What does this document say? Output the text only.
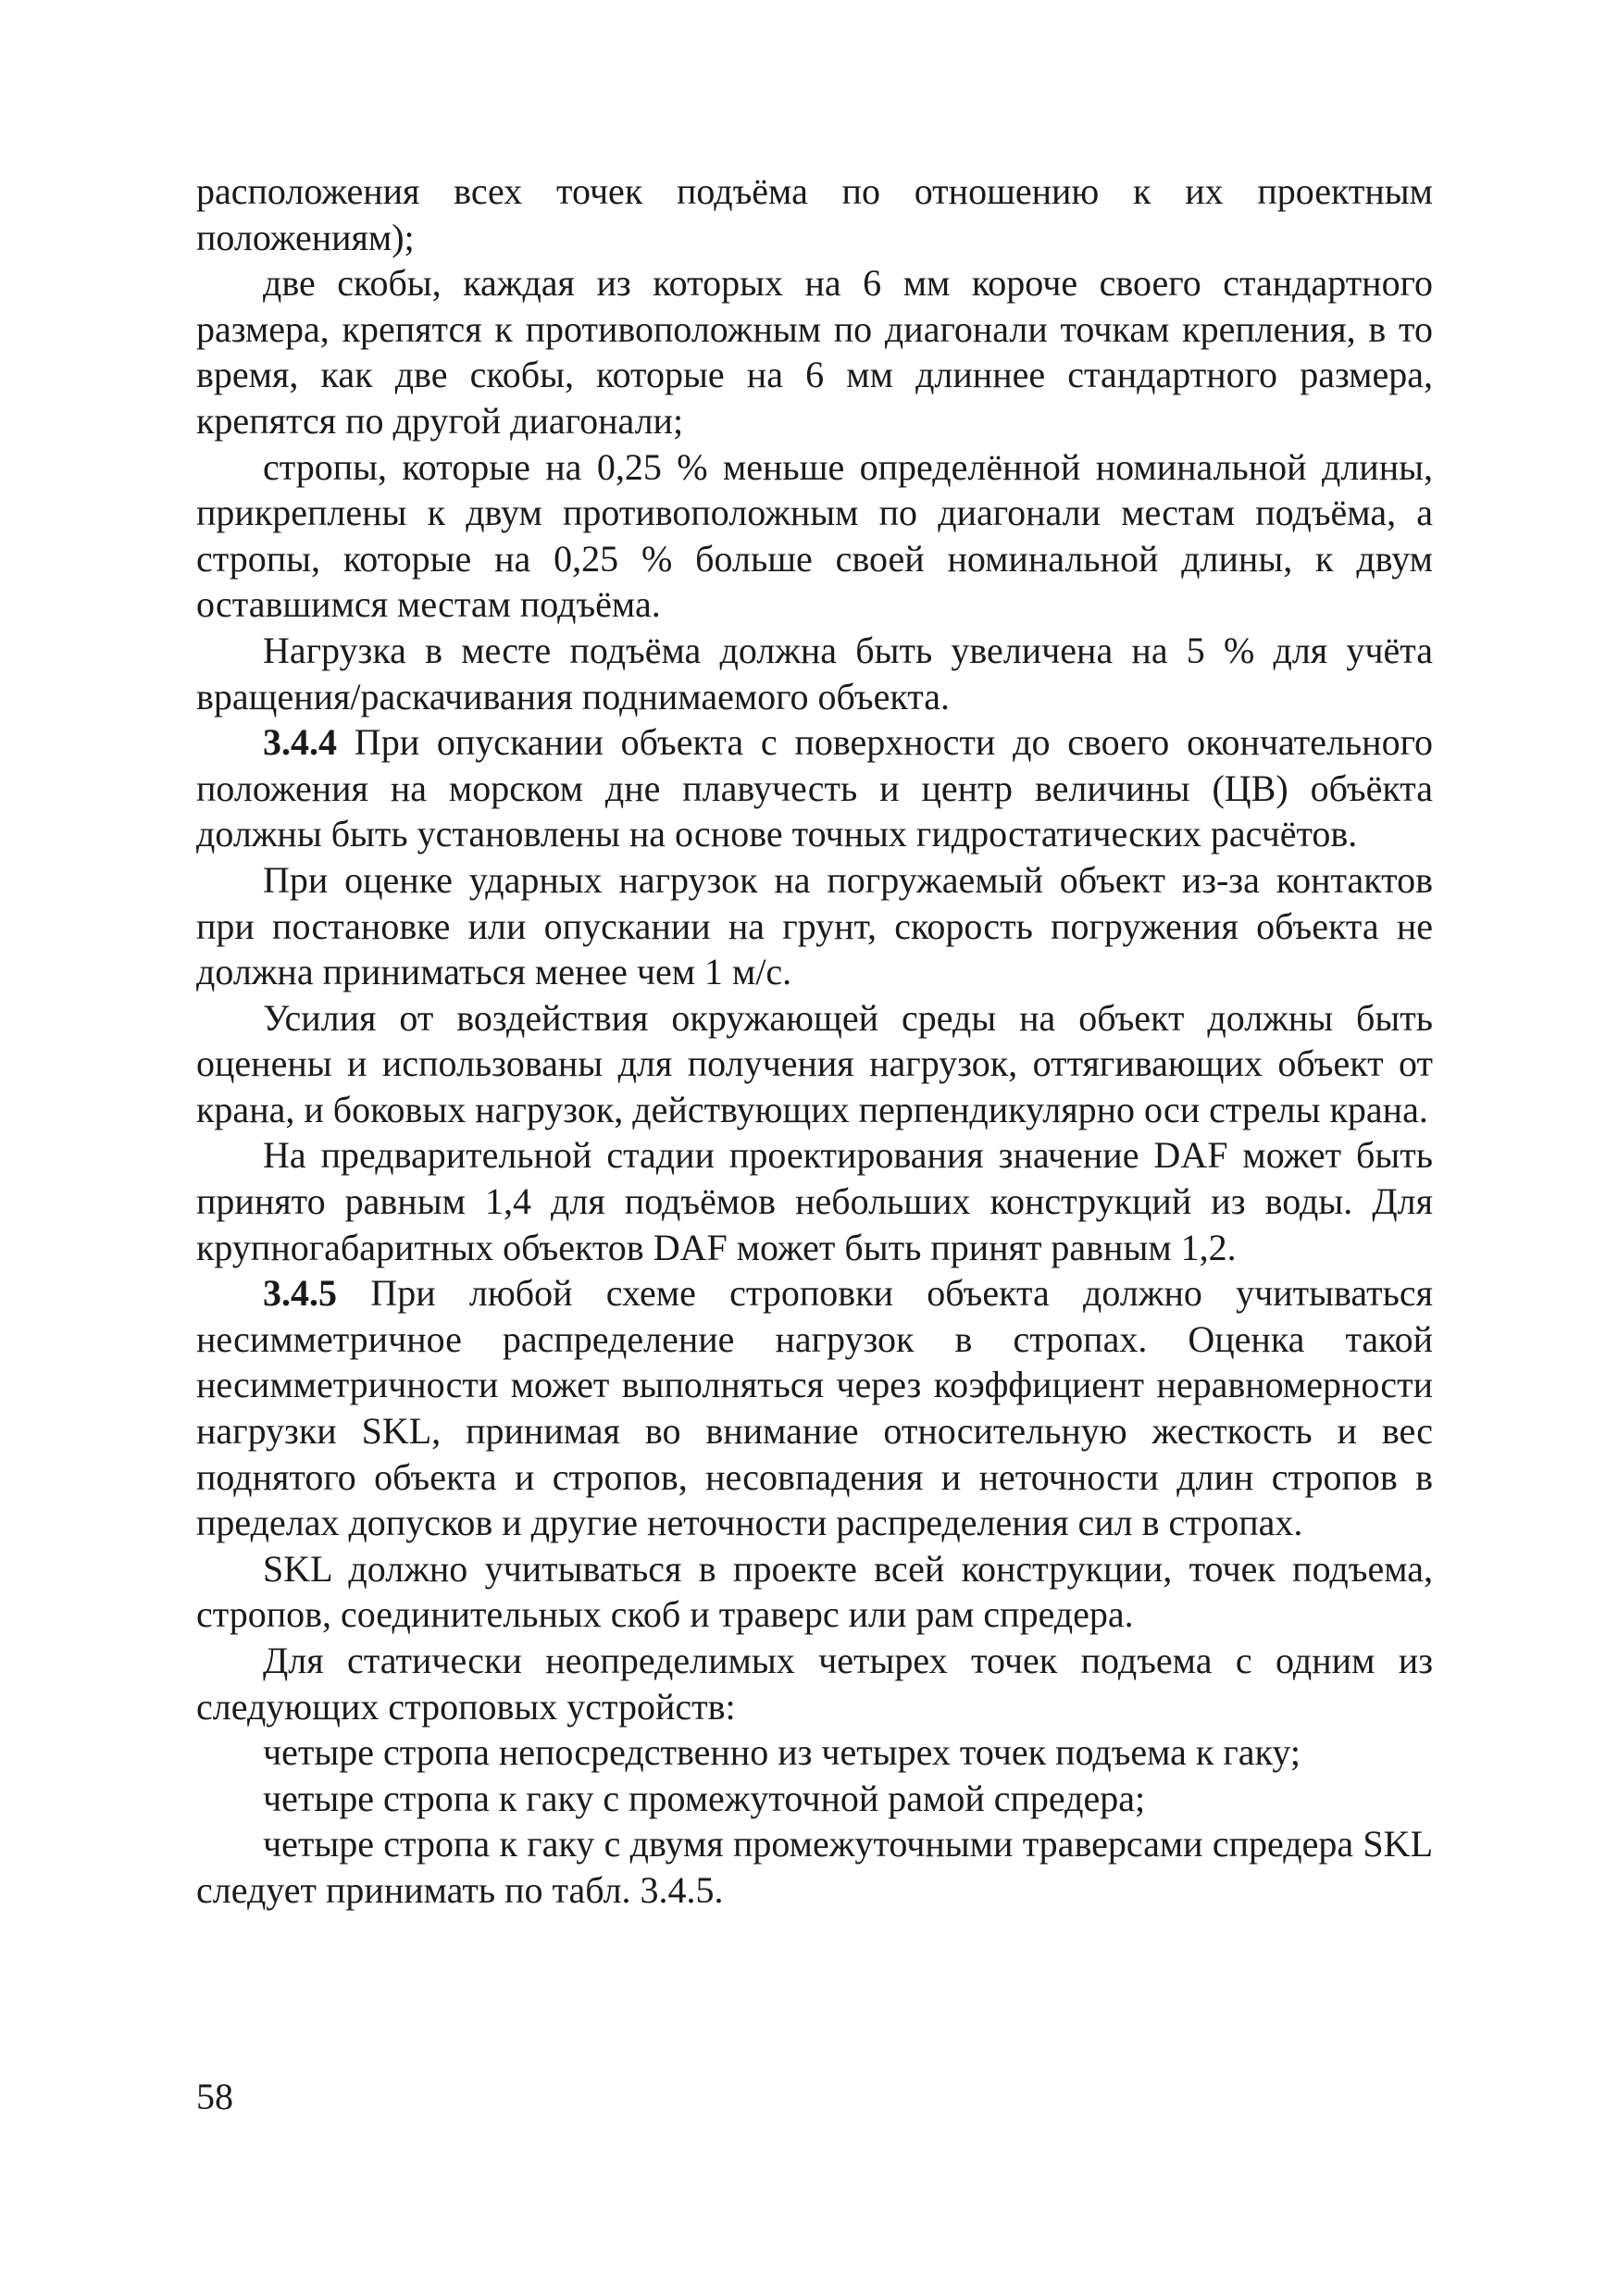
расположения всех точек подъёма по отношению к их проектным положениям);

две скобы, каждая из которых на 6 мм короче своего стандартного размера, крепятся к противоположным по диагонали точкам крепления, в то время, как две скобы, которые на 6 мм длиннее стандартного размера, крепятся по другой диагонали;

стропы, которые на 0,25 % меньше определённой номинальной длины, прикреплены к двум противоположным по диагонали местам подъёма, а стропы, которые на 0,25 % больше своей номинальной длины, к двум оставшимся местам подъёма.

Нагрузка в месте подъёма должна быть увеличена на 5 % для учёта вращения/раскачивания поднимаемого объекта.

3.4.4 При опускании объекта с поверхности до своего окончательного положения на морском дне плавучесть и центр величины (ЦВ) объёкта должны быть установлены на основе точных гидростатических расчётов.

При оценке ударных нагрузок на погружаемый объект из-за контактов при постановке или опускании на грунт, скорость погружения объекта не должна приниматься менее чем 1 м/с.

Усилия от воздействия окружающей среды на объект должны быть оценены и использованы для получения нагрузок, оттягивающих объект от крана, и боковых нагрузок, действующих перпендикулярно оси стрелы крана.

На предварительной стадии проектирования значение DAF может быть принято равным 1,4 для подъёмов небольших конструкций из воды. Для крупногабаритных объектов DAF может быть принят равным 1,2.

3.4.5 При любой схеме строповки объекта должно учитываться несимметричное распределение нагрузок в стропах. Оценка такой несимметричности может выполняться через коэффициент неравномерности нагрузки SKL, принимая во внимание относительную жесткость и вес поднятого объекта и стропов, несовпадения и неточности длин стропов в пределах допусков и другие неточности распределения сил в стропах.

SKL должно учитываться в проекте всей конструкции, точек подъема, стропов, соединительных скоб и траверс или рам спредера.

Для статически неопределимых четырех точек подъема с одним из следующих строповых устройств:

четыре стропа непосредственно из четырех точек подъема к гаку;

четыре стропа к гаку с промежуточной рамой спредера;

четыре стропа к гаку с двумя промежуточными траверсами спредера SKL следует принимать по табл. 3.4.5.

58
